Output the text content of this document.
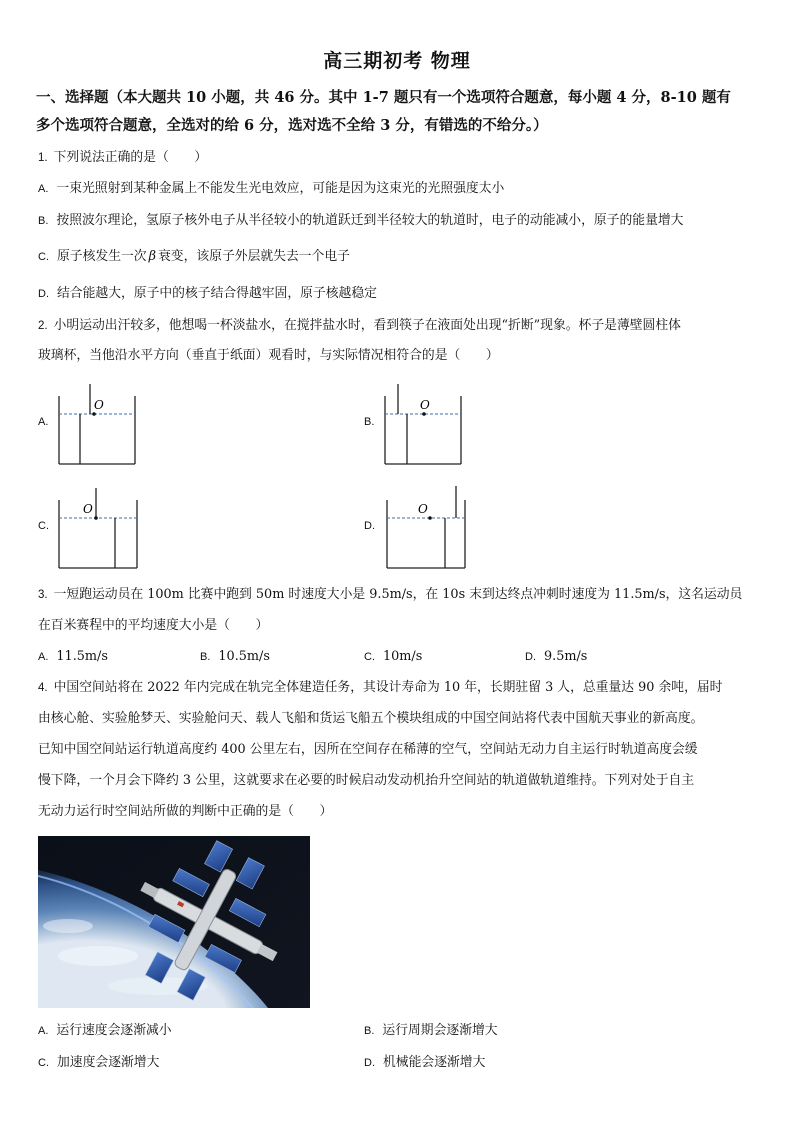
高三期初考 物理
一、选择题（本大题共 10 小题，共 46 分。其中 1-7 题只有一个选项符合题意，每小题 4 分，8-10 题有
多个选项符合题意，全选对的给 6 分，选对选不全给 3 分，有错选的不给分。）
1. 下列说法正确的是（　　）
A. 一束光照射到某种金属上不能发生光电效应，可能是因为这束光的光照强度太小
B. 按照波尔理论，氢原子核外电子从半径较小的轨道跃迁到半径较大的轨道时，电子的动能减小，原子的能量增大
C. 原子核发生一次 β 衰变，该原子外层就失去一个电子
D. 结合能越大，原子中的核子结合得越牢固，原子核越稳定
2. 小明运动出汗较多，他想喝一杯淡盐水，在搅拌盐水时，看到筷子在液面处出现“折断”现象。杯子是薄壁圆柱体
玻璃杯，当他沿水平方向（垂直于纸面）观看时，与实际情况相符合的是（　　）
A.
O
B.
O
C.
O
D.
O
3. 一短跑运动员在 100m 比赛中跑到 50m 时速度大小是 9.5m/s，在 10s 末到达终点冲刺时速度为 11.5m/s，这名运动员
在百米赛程中的平均速度大小是（　　）
A. 11.5m/s	B. 10.5m/s	C. 10m/s	D. 9.5m/s
4. 中国空间站将在 2022 年内完成在轨完全体建造任务，其设计寿命为 10 年，长期驻留 3 人，总重量达 90 余吨，届时
由核心舱、实验舱梦天、实验舱问天、载人飞船和货运飞船五个模块组成的中国空间站将代表中国航天事业的新高度。
已知中国空间站运行轨道高度约 400 公里左右，因所在空间存在稀薄的空气，空间站无动力自主运行时轨道高度会缓
慢下降，一个月会下降约 3 公里，这就要求在必要的时候启动发动机抬升空间站的轨道做轨道维持。下列对处于自主
无动力运行时空间站所做的判断中正确的是（　　）
A. 运行速度会逐渐减小	B. 运行周期会逐渐增大
C. 加速度会逐渐增大	D. 机械能会逐渐增大
